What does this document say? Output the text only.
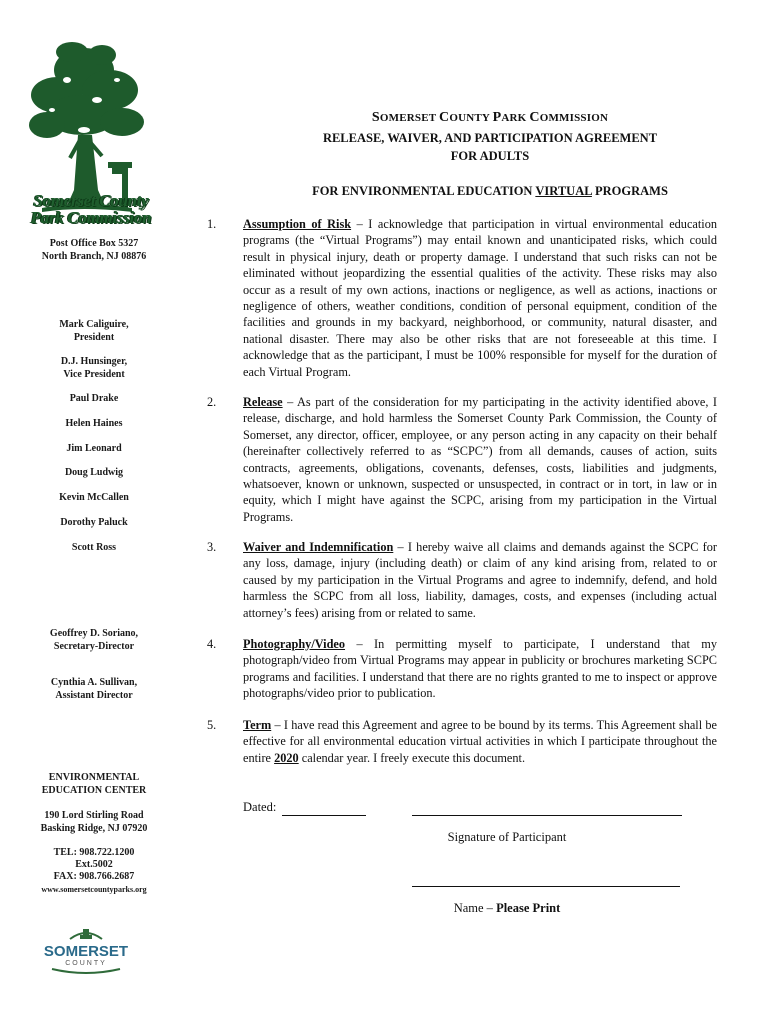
Somerset County
Park Commission
Post Office Box 5327
North Branch, NJ 08876
Mark Caliguire,
President
D.J. Hunsinger,
Vice President
Paul Drake
Helen Haines
Jim Leonard
Doug Ludwig
Kevin McCallen
Dorothy Paluck
Scott Ross
Geoffrey D. Soriano,
Secretary-Director
Cynthia A. Sullivan,
Assistant Director
ENVIRONMENTAL
EDUCATION CENTER
190 Lord Stirling Road
Basking Ridge, NJ 07920
TEL: 908.722.1200
Ext.5002
FAX: 908.766.2687
www.somersetcountyparks.org
SOMERSET
COUNTY
SOMERSET COUNTY PARK COMMISSION
RELEASE, WAIVER, AND PARTICIPATION AGREEMENT
FOR ADULTS
FOR ENVIRONMENTAL EDUCATION VIRTUAL PROGRAMS
1.	Assumption of Risk – I acknowledge that participation in virtual environmental education programs (the “Virtual Programs”) may entail known and unanticipated risks, which could result in physical injury, death or property damage. I understand that such risks can not be eliminated without jeopardizing the essential qualities of the activity. These risks may also occur as a result of my own actions, inactions or negligence, as well as actions, inactions or negligence of others, weather conditions, condition of personal equipment, condition of the facilities and grounds in my backyard, neighborhood, or community, natural disaster, and national disaster. There may also be other risks that are not foreseeable at this time. I acknowledge that as the participant, I must be 100% responsible for myself for the duration of each Virtual Program.
2.	Release – As part of the consideration for my participating in the activity identified above, I release, discharge, and hold harmless the Somerset County Park Commission, the County of Somerset, any director, officer, employee, or any person acting in any capacity on their behalf (hereinafter collectively referred to as “SCPC”) from all demands, causes of action, suits contracts, agreements, obligations, covenants, defenses, costs, liabilities and judgments, whatsoever, known or unknown, suspected or unsuspected, in contract or in tort, in law or in equity, which I might have against the SCPC, arising from my participation in the Virtual Programs.
3.	Waiver and Indemnification – I hereby waive all claims and demands against the SCPC for any loss, damage, injury (including death) or claim of any kind arising from, related to or caused by my participation in the Virtual Programs and agree to indemnify, defend, and hold harmless the SCPC from all loss, liability, damages, costs, and expenses (including actual attorney’s fees) arising from or related to same.
4.	Photography/Video – In permitting myself to participate, I understand that my photograph/video from Virtual Programs may appear in publicity or brochures marketing SCPC programs and facilities. I understand that there are no rights granted to me to inspect or approve photographs/video prior to publication.
5.	Term – I have read this Agreement and agree to be bound by its terms. This Agreement shall be effective for all environmental education virtual activities in which I participate throughout the entire 2020 calendar year. I freely execute this document.
Dated:
Signature of Participant
Name – Please Print
